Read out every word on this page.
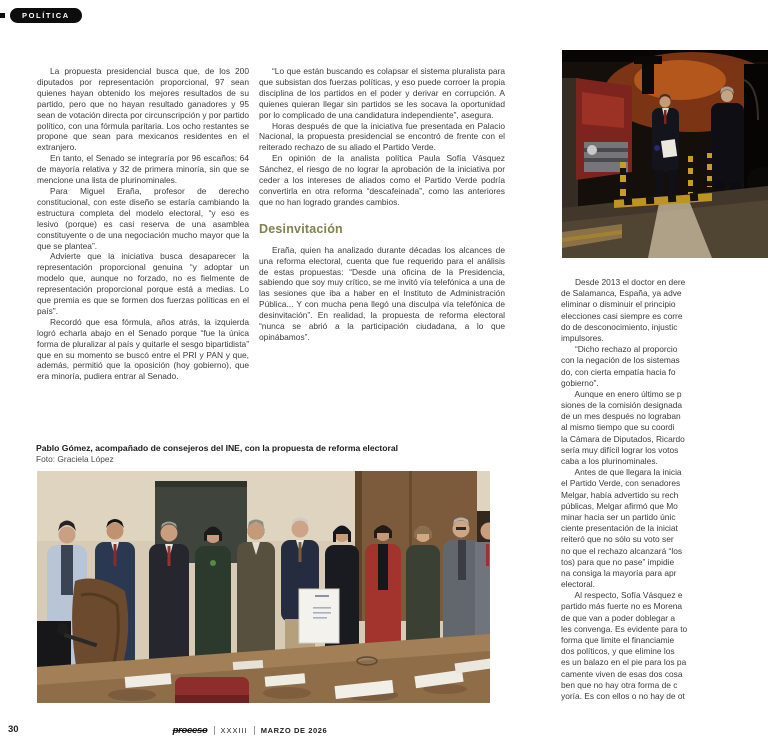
POLÍTICA

La propuesta presidencial busca que, de los 200 diputados por representación proporcional, 97 sean quienes hayan obtenido los mejores resultados de su partido, pero que no hayan resultado ganadores y 95 sean de votación directa por circunscripción y por partido político, con una fórmula paritaria. Los ocho restantes se propone que sean para mexicanos residentes en el extranjero.

En tanto, el Senado se integraría por 96 escaños: 64 de mayoría relativa y 32 de primera minoría, sin que se mencione una lista de plurinominales.

Para Miguel Eraña, profesor de derecho constitucional, con este diseño se estaría cambiando la estructura completa del modelo electoral, “y eso es lesivo (porque) es casi reserva de una asamblea constituyente o de una negociación mucho mayor que la que se plantea”.

Advierte que la iniciativa busca desaparecer la representación proporcional genuina “y adoptar un modelo que, aunque no forzado, no es fielmente de representación proporcional porque está a medias. Lo que premia es que se formen dos fuerzas políticas en el país”.

Recordó que esa fórmula, años atrás, la izquierda logró echarla abajo en el Senado porque “fue la única forma de pluralizar al país y quitarle el sesgo bipartidista” que en su momento se buscó entre el PRI y PAN y que, además, permitió que la oposición (hoy gobierno), que era minoría, pudiera entrar al Senado.

“Lo que están buscando es colapsar el sistema pluralista para que subsistan dos fuerzas políticas, y eso puede corroer la propia disciplina de los partidos en el poder y derivar en corrupción. A quienes quieran llegar sin partidos se les socava la oportunidad por lo complicado de una candidatura independiente”, asegura.

Horas después de que la iniciativa fue presentada en Palacio Nacional, la propuesta presidencial se encontró de frente con el reiterado rechazo de su aliado el Partido Verde.

En opinión de la analista política Paula Sofía Vásquez Sánchez, el riesgo de no lograr la aprobación de la iniciativa por ceder a los intereses de aliados como el Partido Verde podría convertirla en otra reforma “descafeinada”, como las anteriores que no han logrado grandes cambios.

Desinvitación

Eraña, quien ha analizado durante décadas los alcances de una reforma electoral, cuenta que fue requerido para el análisis de estas propuestas: “Desde una oficina de la Presidencia, sabiendo que soy muy crítico, se me invitó vía telefónica a una de las sesiones que iba a haber en el Instituto de Administración Pública... Y con mucha pena llegó una disculpa vía telefónica de desinvitación”. En realidad, la propuesta de reforma electoral “nunca se abrió a la participación ciudadana, a lo que opinábamos”.

Pablo Gómez, acompañado de consejeros del INE, con la propuesta de reforma electoral
Foto: Graciela López
Desde 2013 el doctor en dere
de Salamanca, España, ya adve
eliminar o disminuir el principio
elecciones casi siempre es corre
do de desconocimiento, injustic
impulsores.
“Dicho rechazo al proporcio
con la negación de los sistemas
do, con cierta empatía hacia fo
gobierno”.
Aunque en enero último se p
siones de la comisión designada
de un mes después no lograban
al mismo tiempo que su coordi
la Cámara de Diputados, Ricardo
sería muy difícil lograr los votos
caba a los plurinominales.
Antes de que llegara la inicia
el Partido Verde, con senadores
Melgar, había advertido su rech
públicas, Melgar afirmó que Mo
minar hacia ser un partido únic
ciente presentación de la iniciat
reiteró que no sólo su voto ser
no que el rechazo alcanzará “los
tos) para que no pase” impidie
na consiga la mayoría para apr
electoral.
Al respecto, Sofía Vásquez e
partido más fuerte no es Morena
de que van a poder doblegar a
les convenga. Es evidente para to
forma que limite el financiamie
dos políticos, y que elimine los
es un balazo en el pie para los pa
camente viven de esas dos cosa
ben que no hay otra forma de c
yoría. Es con ellos o no hay de ot
30	proceso XXXIII MARZO DE 2026
